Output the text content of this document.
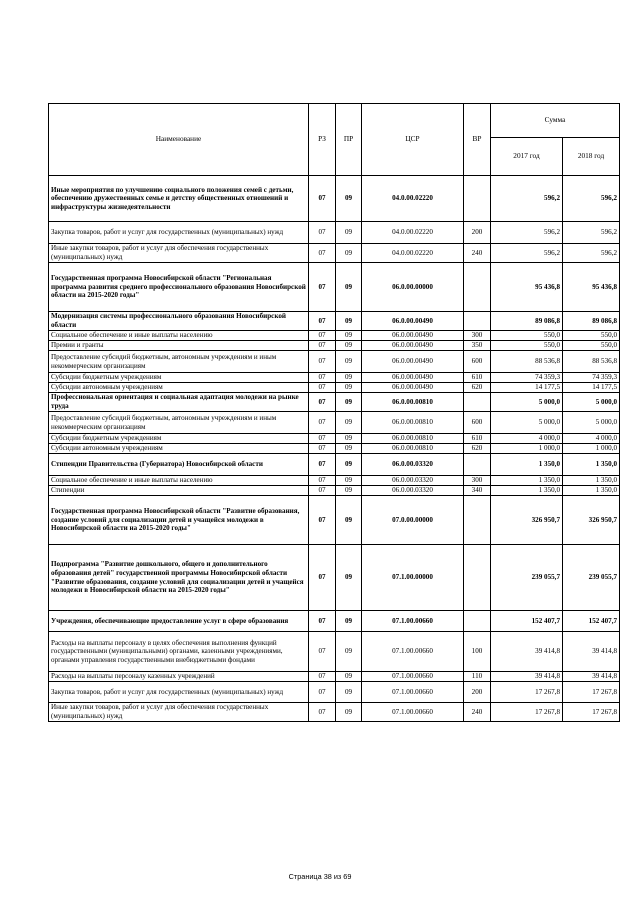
Наименование	РЗ	ПР	ЦСР	ВР	Сумма	
					2017 год	2018 год
Иные мероприятия по улучшению социального положения семей с детьми, обеспечению дружественных семье и детству общественных отношений и инфраструктуры жизнедеятельности	07	09	04.0.00.02220		596,2	596,2
Закупка товаров, работ и услуг для государственных (муниципальных) нужд	07	09	04.0.00.02220	200	596,2	596,2
Иные закупки товаров, работ и услуг для обеспечения государственных (муниципальных) нужд	07	09	04.0.00.02220	240	596,2	596,2
Государственная программа Новосибирской области "Региональная программа развития среднего профессионального образования Новосибирской области на 2015-2020 годы"	07	09	06.0.00.00000		95 436,8	95 436,8
Модернизация системы профессионального образования Новосибирской области	07	09	06.0.00.00490		89 086,8	89 086,8
Социальное обеспечение и иные выплаты населению	07	09	06.0.00.00490	300	550,0	550,0
Премии и гранты	07	09	06.0.00.00490	350	550,0	550,0
Предоставление субсидий бюджетным, автономным учреждениям и иным некоммерческим организациям	07	09	06.0.00.00490	600	88 536,8	88 536,8
Субсидии бюджетным учреждениям	07	09	06.0.00.00490	610	74 359,3	74 359,3
Субсидии автономным учреждениям	07	09	06.0.00.00490	620	14 177,5	14 177,5
Профессиональная ориентация и социальная адаптация молодежи на рынке труда	07	09	06.0.00.00810		5 000,0	5 000,0
Предоставление субсидий бюджетным, автономным учреждениям и иным некоммерческим организациям	07	09	06.0.00.00810	600	5 000,0	5 000,0
Субсидии бюджетным учреждениям	07	09	06.0.00.00810	610	4 000,0	4 000,0
Субсидии автономным учреждениям	07	09	06.0.00.00810	620	1 000,0	1 000,0
Стипендии Правительства (Губернатора) Новосибирской области	07	09	06.0.00.03320		1 350,0	1 350,0
Социальное обеспечение и иные выплаты населению	07	09	06.0.00.03320	300	1 350,0	1 350,0
Стипендии	07	09	06.0.00.03320	340	1 350,0	1 350,0
Государственная программа Новосибирской области "Развитие образования, создание условий для социализации детей и учащейся молодежи в Новосибирской области на 2015-2020 годы"	07	09	07.0.00.00000		326 950,7	326 950,7
Подпрограмма "Развитие дошкольного, общего и дополнительного образования детей" государственной программы Новосибирской области "Развитие образования, создание условий для социализации детей и учащейся молодежи в Новосибирской области на 2015-2020 годы"	07	09	07.1.00.00000		239 055,7	239 055,7
Учреждения, обеспечивающие предоставление услуг в сфере образования	07	09	07.1.00.00660		152 407,7	152 407,7
Расходы на выплаты персоналу в целях обеспечения выполнения функций государственными (муниципальными) органами, казенными учреждениями, органами управления государственными внебюджетными фондами	07	09	07.1.00.00660	100	39 414,8	39 414,8
Расходы на выплаты персоналу казенных учреждений	07	09	07.1.00.00660	110	39 414,8	39 414,8
Закупка товаров, работ и услуг для государственных (муниципальных) нужд	07	09	07.1.00.00660	200	17 267,8	17 267,8
Иные закупки товаров, работ и услуг для обеспечения государственных (муниципальных) нужд	07	09	07.1.00.00660	240	17 267,8	17 267,8
Страница 38 из 69
